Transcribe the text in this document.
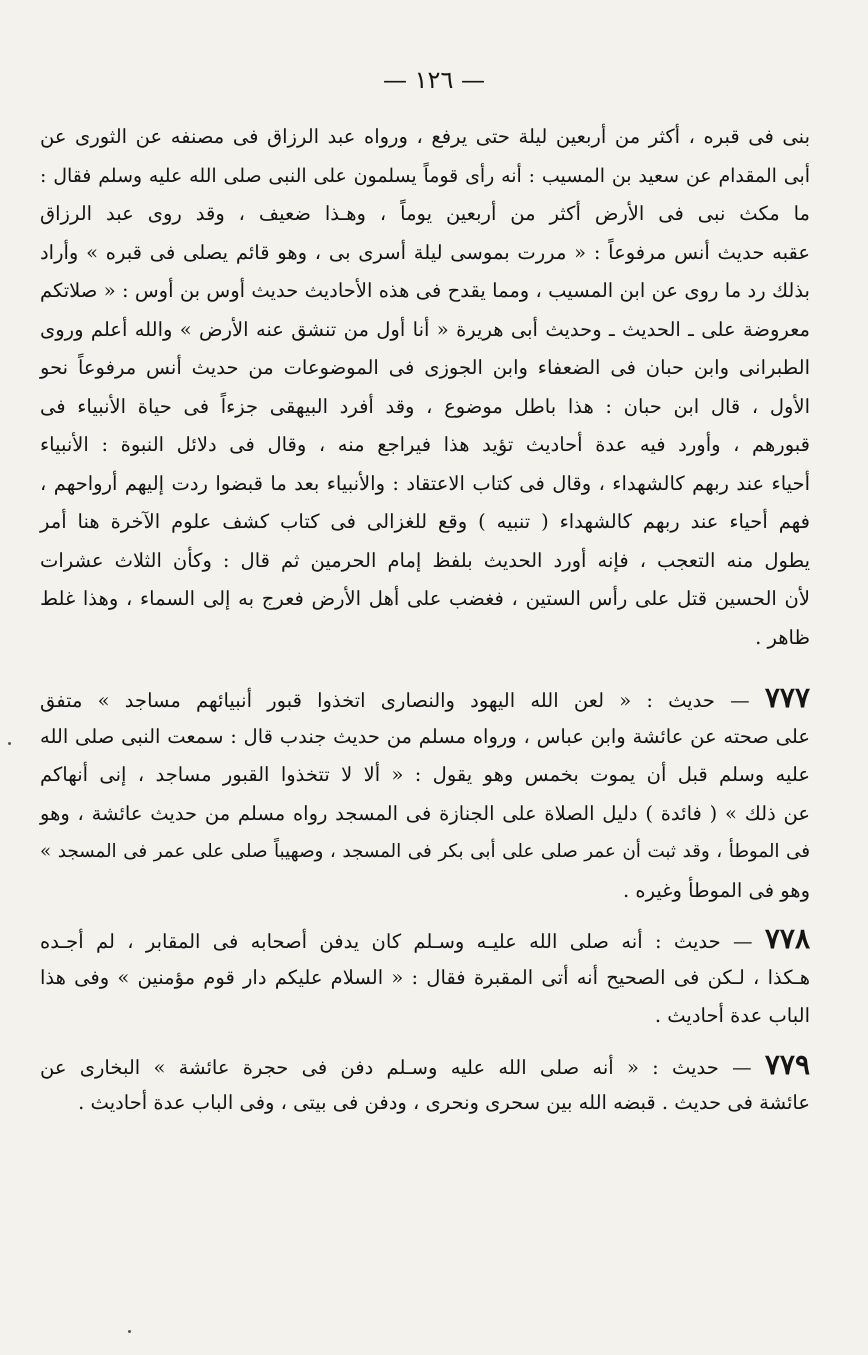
— ١٢٦ —
بنى فى قبره ، أكثر من أربعين ليلة حتى يرفع ، ورواه عبد الرزاق فى مصنفه عن الثورى عن
أبى المقدام عن سعيد بن المسيب : أنه رأى قوماً يسلمون على النبى صلى الله عليه وسلم فقال :
ما مكث نبى فى الأرض أكثر من أربعين يوماً ، وهـذا ضعيف ، وقد روى عبد الرزاق
عقبه حديث أنس مرفوعاً : « مررت بموسى ليلة أسرى بى ، وهو قائم يصلى فى قبره » وأراد
بذلك رد ما روى عن ابن المسيب ، ومما يقدح فى هذه الأحاديث حديث أوس بن أوس : « صلاتكم
معروضة على ـ الحديث ـ وحديث أبى هريرة « أنا أول من تنشق عنه الأرض » والله أعلم وروى
الطبرانى وابن حبان فى الضعفاء وابن الجوزى فى الموضوعات من حديث أنس مرفوعاً نحو
الأول ، قال ابن حبان : هذا باطل موضوع ، وقد أفرد البيهقى جزءاً فى حياة الأنبياء فى
قبورهم ، وأورد فيه عدة أحاديث تؤيد هذا فيراجع منه ، وقال فى دلائل النبوة : الأنبياء
أحياء عند ربهم كالشهداء ، وقال فى كتاب الاعتقاد : والأنبياء بعد ما قبضوا ردت إليهم أرواحهم ،
فهم أحياء عند ربهم كالشهداء ( تنبيه ) وقع للغزالى فى كتاب كشف علوم الآخرة هنا أمر
يطول منه التعجب ، فإنه أورد الحديث بلفظ إمام الحرمين ثم قال : وكأن الثلاث عشرات
لأن الحسين قتل على رأس الستين ، فغضب على أهل الأرض فعرج به إلى السماء ، وهذا غلط
ظاهر .
٧٧٧ — حديث : « لعن الله اليهود والنصارى اتخذوا قبور أنبيائهم مساجد » متفق
على صحته عن عائشة وابن عباس ، ورواه مسلم من حديث جندب قال : سمعت النبى صلى الله
عليه وسلم قبل أن يموت بخمس وهو يقول : « ألا لا تتخذوا القبور مساجد ، إنى أنهاكم
عن ذلك » ( فائدة ) دليل الصلاة على الجنازة فى المسجد رواه مسلم من حديث عائشة ، وهو
فى الموطأ ، وقد ثبت أن عمر صلى على أبى بكر فى المسجد ، وصهيباً صلى على عمر فى المسجد »
وهو فى الموطأ وغيره .
٧٧٨ — حديث : أنه صلى الله عليـه وسـلم كان يدفن أصحابه فى المقابر ، لم أجـده
هـكذا ، لـكن فى الصحيح أنه أتى المقبرة فقال : « السلام عليكم دار قوم مؤمنين » وفى هذا
الباب عدة أحاديث .
٧٧٩ — حديث : « أنه صلى الله عليه وسـلم دفن فى حجرة عائشة » البخارى عن
عائشة فى حديث . قبضه الله بين سحرى ونحرى ، ودفن فى بيتى ، وفى الباب عدة أحاديث .
